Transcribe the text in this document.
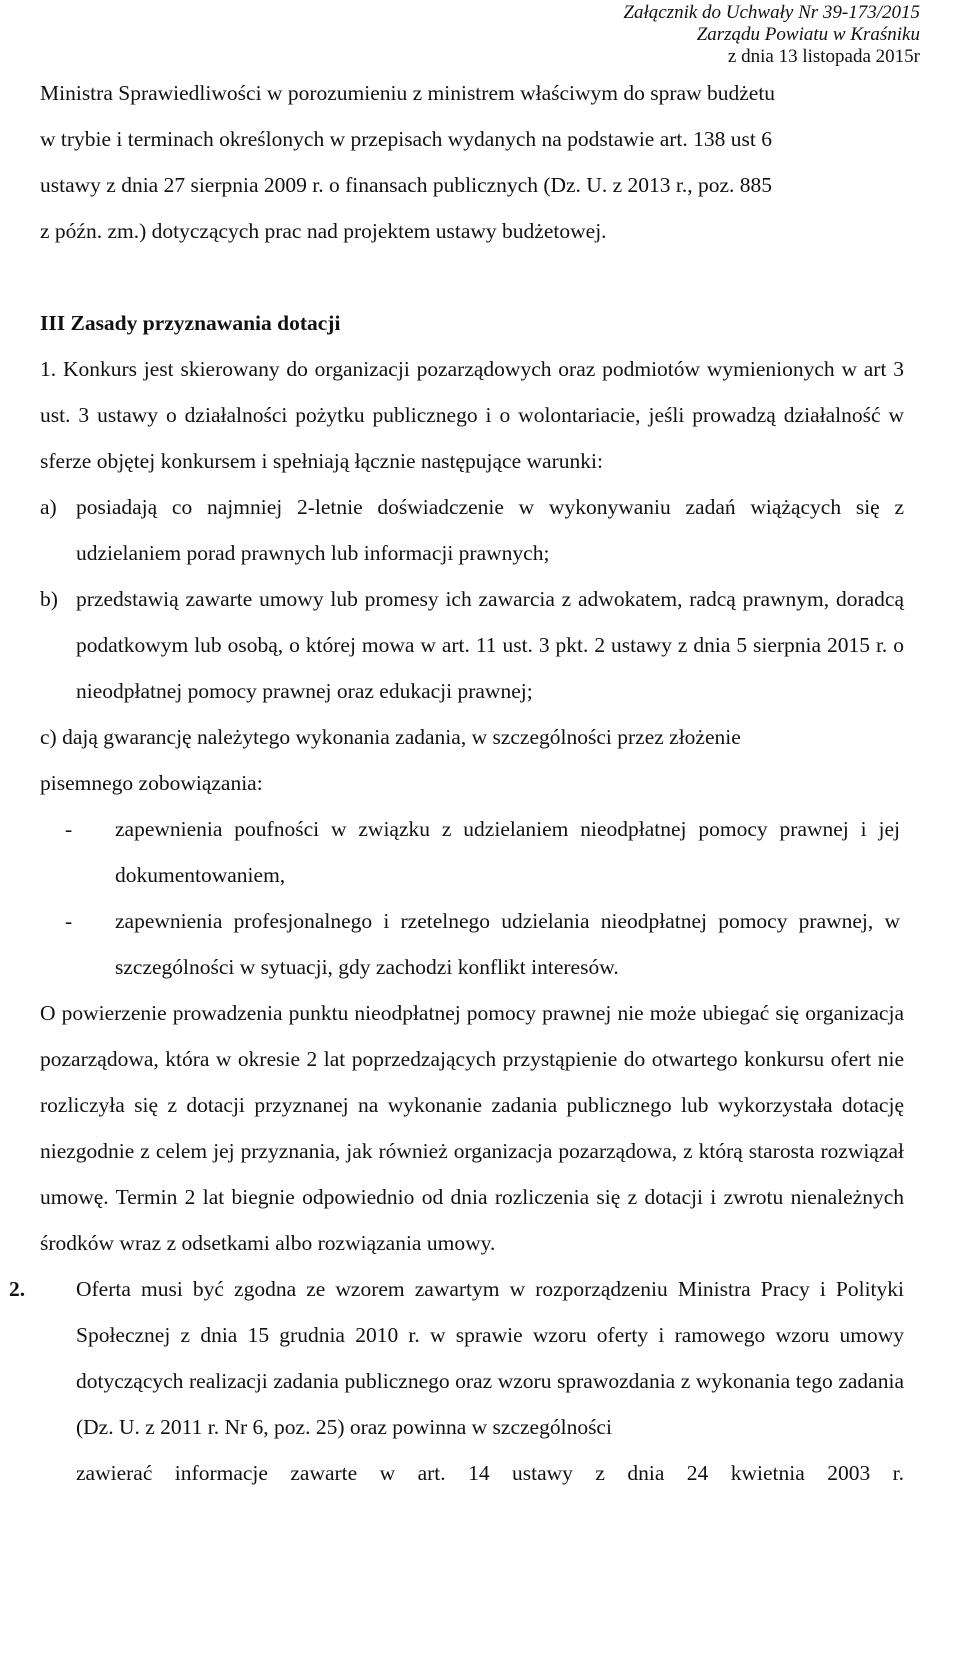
Załącznik do Uchwały Nr 39-173/2015
Zarządu Powiatu w Kraśniku
z dnia 13 listopada 2015r

Ministra Sprawiedliwości w porozumieniu z ministrem właściwym do spraw budżetu

w trybie i terminach określonych w przepisach wydanych na podstawie art. 138 ust 6

ustawy z dnia 27 sierpnia 2009 r. o finansach publicznych (Dz. U. z 2013 r., poz. 885

z późn. zm.) dotyczących prac nad projektem ustawy budżetowej.

III Zasady przyznawania dotacji

1. Konkurs jest skierowany do organizacji pozarządowych oraz podmiotów wymienionych w art 3 ust. 3 ustawy o działalności pożytku publicznego i o wolontariacie, jeśli prowadzą działalność w sferze objętej konkursem i spełniają łącznie następujące warunki:

a) posiadają co najmniej 2-letnie doświadczenie w wykonywaniu zadań wiążących się z udzielaniem porad prawnych lub informacji prawnych;
b) przedstawią zawarte umowy lub promesy ich zawarcia z adwokatem, radcą prawnym, doradcą podatkowym lub osobą, o której mowa w art. 11 ust. 3 pkt. 2 ustawy z dnia 5 sierpnia 2015 r. o nieodpłatnej pomocy prawnej oraz edukacji prawnej;

c) dają gwarancję należytego wykonania zadania, w szczególności przez złożenie

pisemnego zobowiązania:

- zapewnienia poufności w związku z udzielaniem nieodpłatnej pomocy prawnej i jej dokumentowaniem,
- zapewnienia profesjonalnego i rzetelnego udzielania nieodpłatnej pomocy prawnej, w szczególności w sytuacji, gdy zachodzi konflikt interesów.

O powierzenie prowadzenia punktu nieodpłatnej pomocy prawnej nie może ubiegać się organizacja pozarządowa, która w okresie 2 lat poprzedzających przystąpienie do otwartego konkursu ofert nie rozliczyła się z dotacji przyznanej na wykonanie zadania publicznego lub wykorzystała dotację niezgodnie z celem jej przyznania, jak również organizacja pozarządowa, z którą starosta rozwiązał umowę. Termin 2 lat biegnie odpowiednio od dnia rozliczenia się z dotacji i zwrotu nienależnych środków wraz z odsetkami albo rozwiązania umowy.

2. Oferta musi być zgodna ze wzorem zawartym w rozporządzeniu Ministra Pracy i Polityki Społecznej z dnia 15 grudnia 2010 r. w sprawie wzoru oferty i ramowego wzoru umowy dotyczących realizacji zadania publicznego oraz wzoru sprawozdania z wykonania tego zadania (Dz. U. z 2011 r. Nr 6, poz. 25) oraz powinna w szczególności

zawierać informacje zawarte w art. 14 ustawy z dnia 24 kwietnia 2003 r.
